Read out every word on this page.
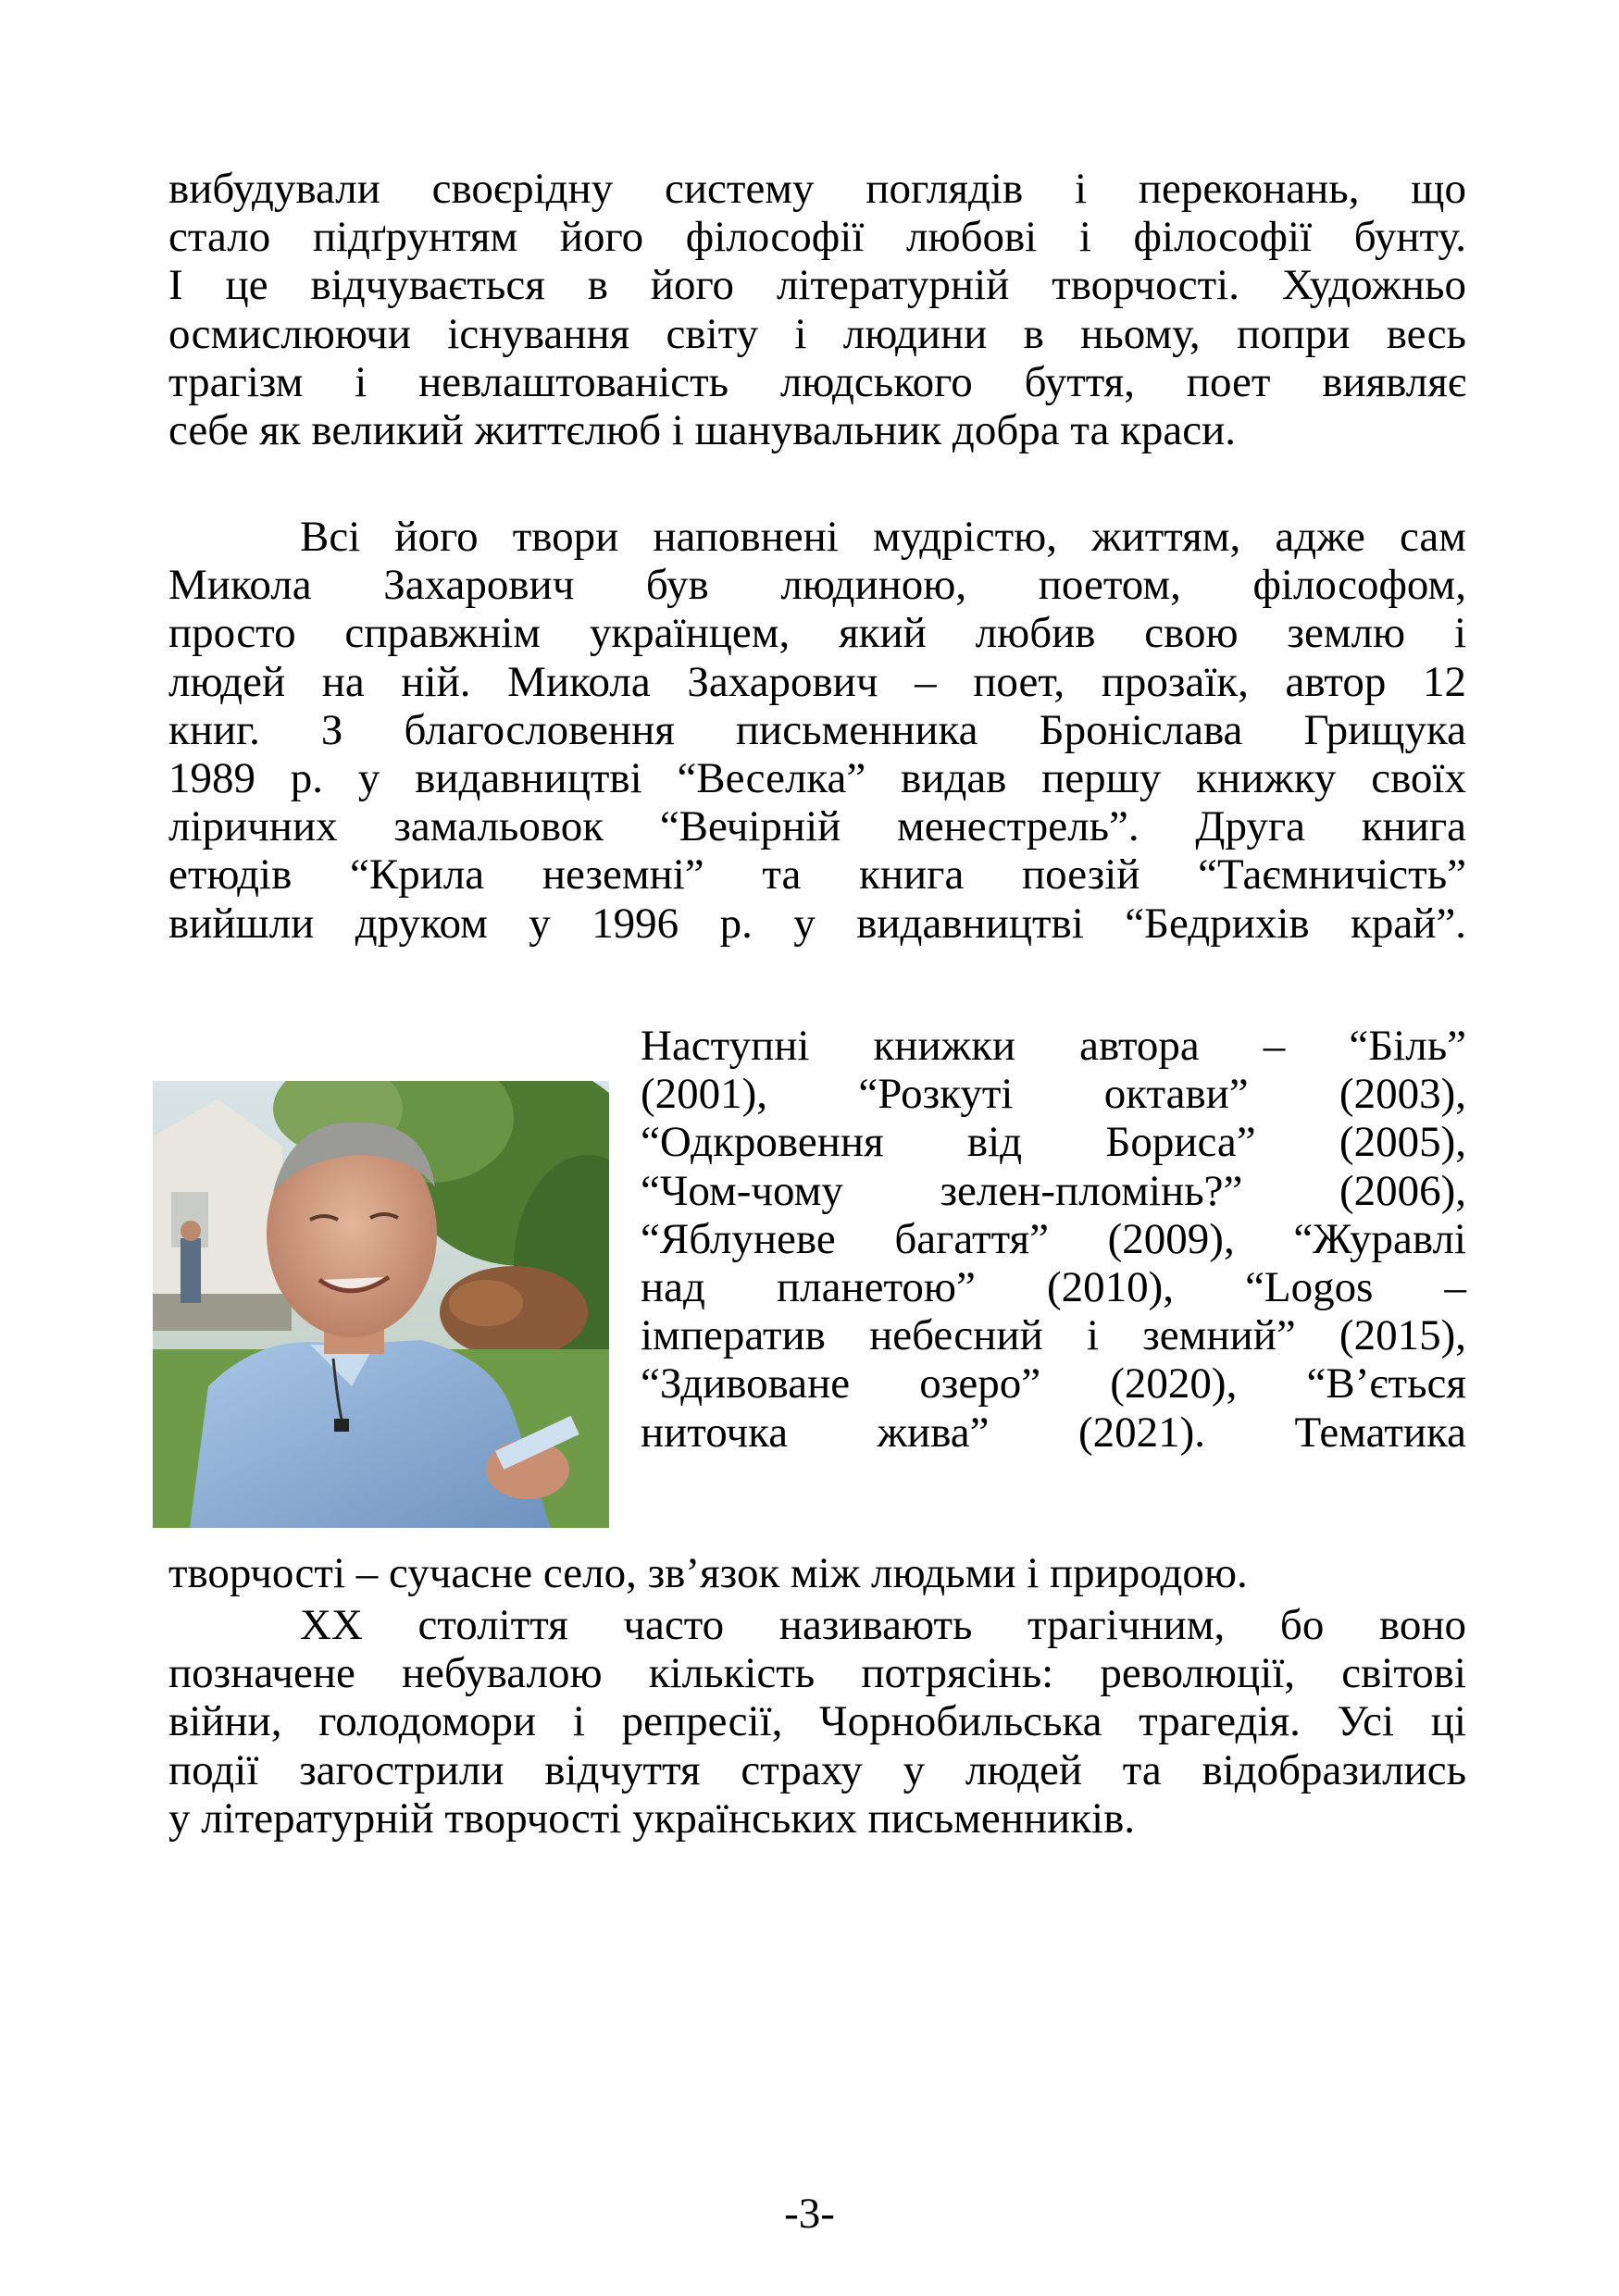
вибудували своєрідну систему поглядів і переконань, що
стало підґрунтям його філософії любові і філософії бунту.
І це відчувається в його літературній творчості. Художньо
осмислюючи існування світу і людини в ньому, попри весь
трагізм і невлаштованість людського буття, поет виявляє
себе як великий життєлюб і шанувальник добра та краси.
Всі його твори наповнені мудрістю, життям, адже сам
Микола Захарович був людиною, поетом, філософом,
просто справжнім українцем, який любив свою землю і
людей на ній. Микола Захарович – поет, прозаїк, автор 12
книг. З благословення письменника Броніслава Грищука
1989 р. у видавництві “Веселка” видав першу книжку своїх
ліричних замальовок “Вечірній менестрель”. Друга книга
етюдів “Крила неземні” та книга поезій “Таємничість”
вийшли друком у 1996 р. у видавництві “Бедрихів край”.
Наступні книжки автора – “Біль”
(2001), “Розкуті октави” (2003),
“Одкровення від Бориса” (2005),
“Чом-чому зелен-пломінь?” (2006),
“Яблуневе багаття” (2009), “Журавлі
над планетою” (2010), “Logos –
імператив небесний і земний” (2015),
“Здивоване озеро” (2020), “В’ється
ниточка жива” (2021). Тематика
творчості – сучасне село, зв’язок між людьми і природою.
ХХ століття часто називають трагічним, бо воно
позначене небувалою кількість потрясінь: революції, світові
війни, голодомори і репресії, Чорнобильська трагедія. Усі ці
події загострили відчуття страху у людей та відобразились
у літературній творчості українських письменників.
-3-
